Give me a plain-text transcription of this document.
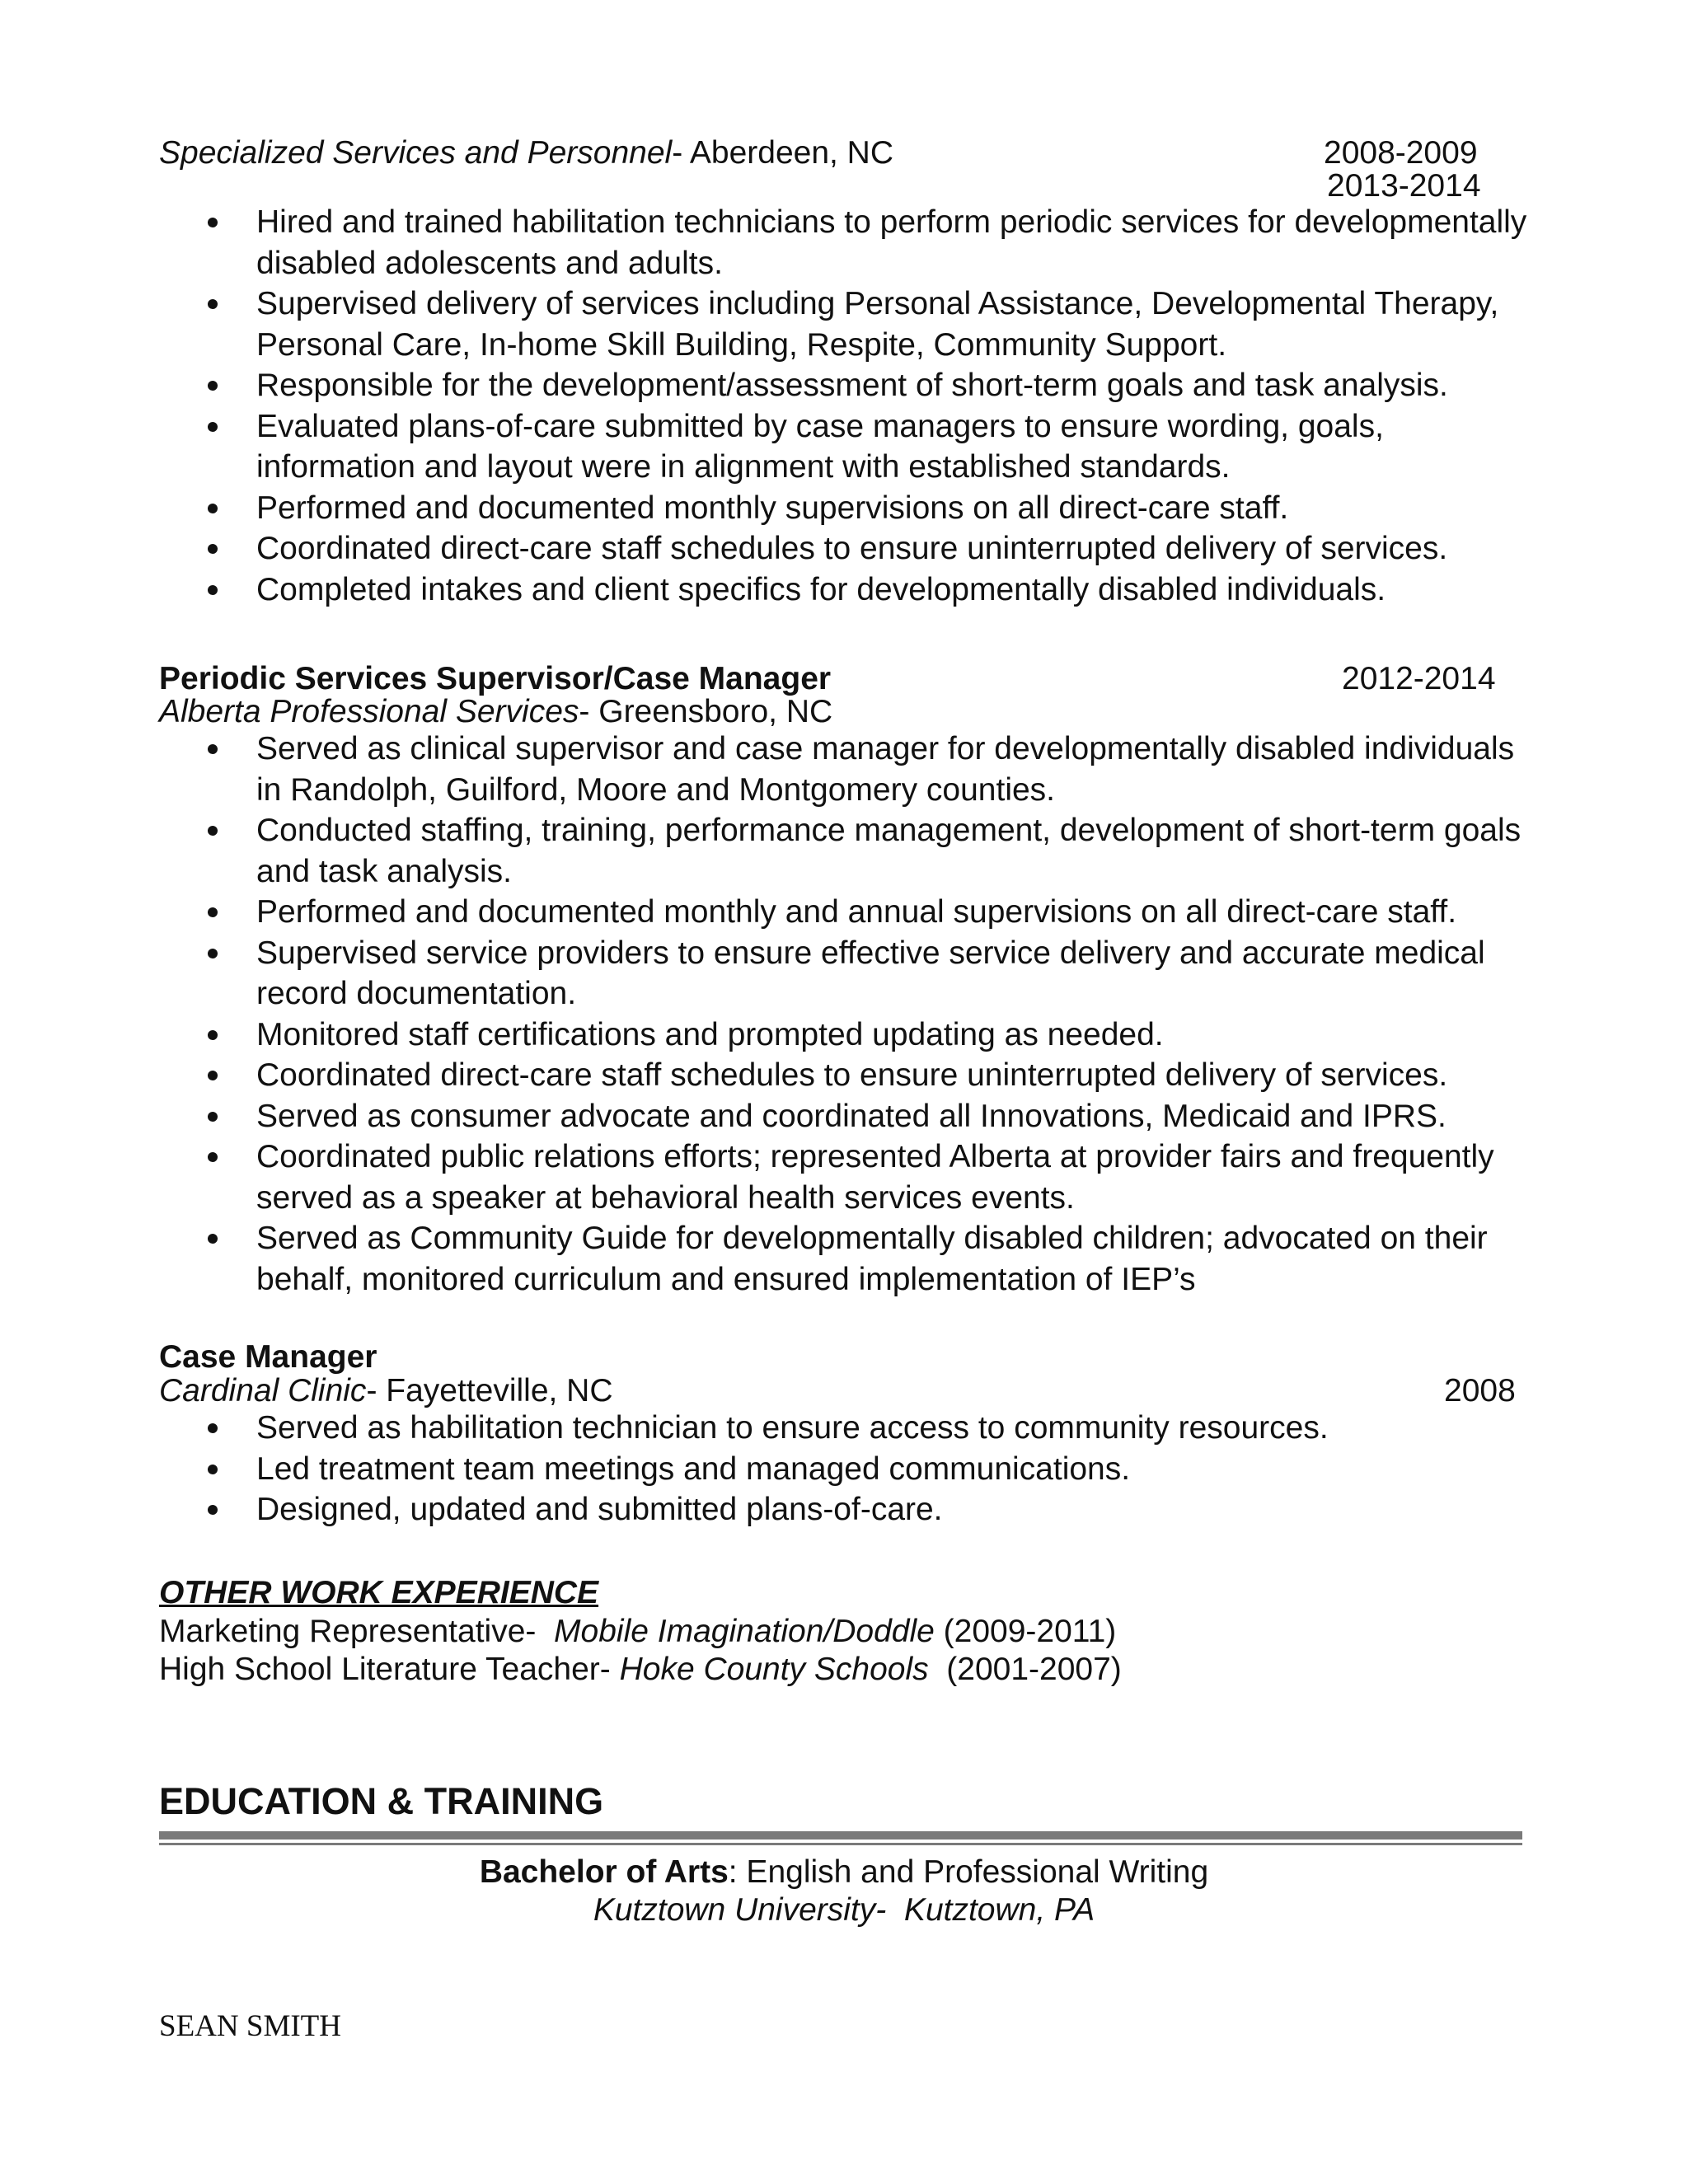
Specialized Services and Personnel- Aberdeen, NC	2008-2009
2013-2014
Hired and trained habilitation technicians to perform periodic services for developmentally disabled adolescents and adults.
Supervised delivery of services including Personal Assistance, Developmental Therapy, Personal Care, In-home Skill Building, Respite, Community Support.
Responsible for the development/assessment of short-term goals and task analysis.
Evaluated plans-of-care submitted by case managers to ensure wording, goals, information and layout were in alignment with established standards.
Performed and documented monthly supervisions on all direct-care staff.
Coordinated direct-care staff schedules to ensure uninterrupted delivery of services.
Completed intakes and client specifics for developmentally disabled individuals.
Periodic Services Supervisor/Case Manager	2012-2014
Alberta Professional Services- Greensboro, NC
Served as clinical supervisor and case manager for developmentally disabled individuals in Randolph, Guilford, Moore and Montgomery counties.
Conducted staffing, training, performance management, development of short-term goals and task analysis.
Performed and documented monthly and annual supervisions on all direct-care staff.
Supervised service providers to ensure effective service delivery and accurate medical record documentation.
Monitored staff certifications and prompted updating as needed.
Coordinated direct-care staff schedules to ensure uninterrupted delivery of services.
Served as consumer advocate and coordinated all Innovations, Medicaid and IPRS.
Coordinated public relations efforts; represented Alberta at provider fairs and frequently served as a speaker at behavioral health services events.
Served as Community Guide for developmentally disabled children; advocated on their behalf, monitored curriculum and ensured implementation of IEP’s
Case Manager
Cardinal Clinic- Fayetteville, NC	2008
Served as habilitation technician to ensure access to community resources.
Led treatment team meetings and managed communications.
Designed, updated and submitted plans-of-care.
OTHER WORK EXPERIENCE
Marketing Representative-  Mobile Imagination/Doddle (2009-2011)
High School Literature Teacher- Hoke County Schools  (2001-2007)
EDUCATION & TRAINING
Bachelor of Arts: English and Professional Writing
Kutztown University-  Kutztown, PA
SEAN SMITH
